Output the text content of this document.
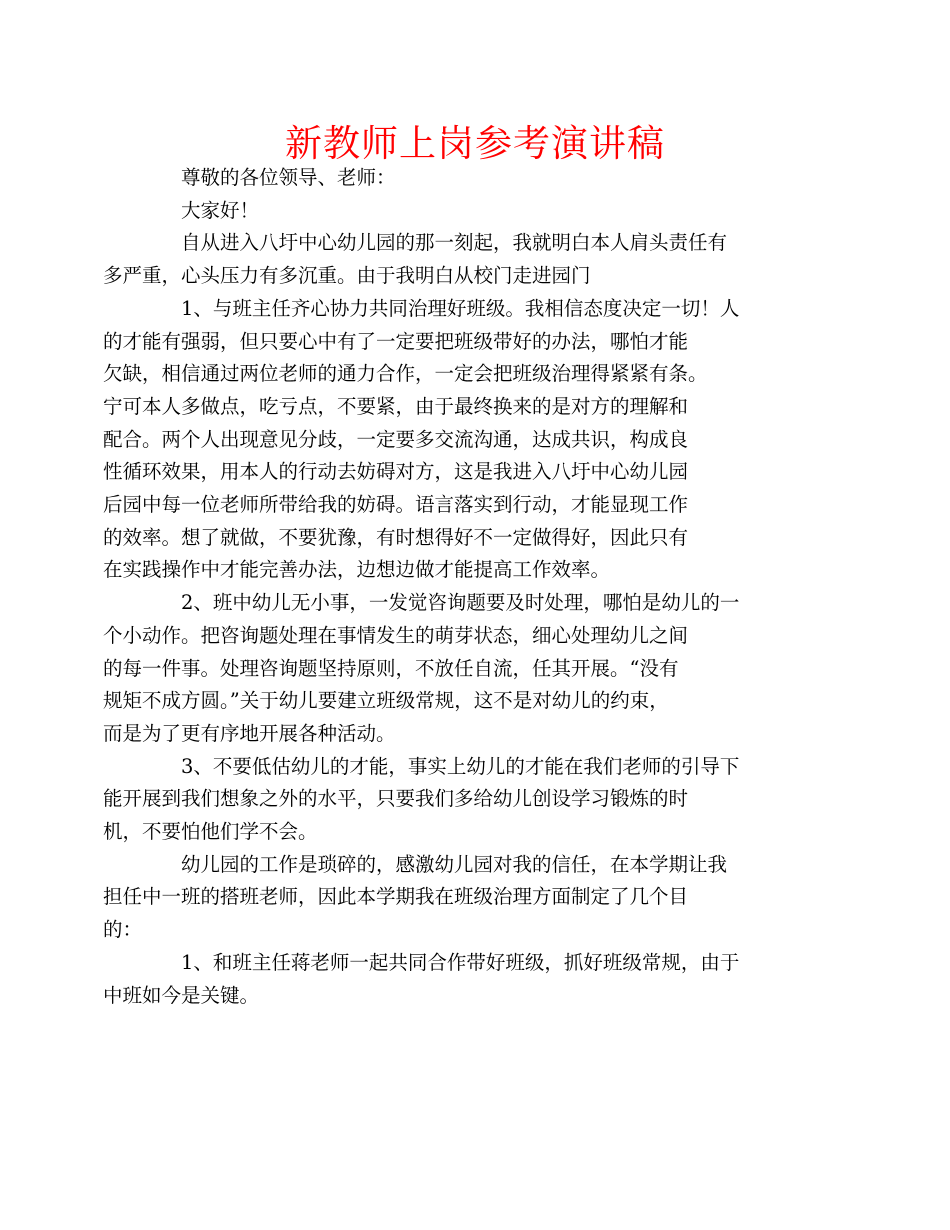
新教师上岗参考演讲稿
尊敬的各位领导、老师：
大家好！
自从进入八圩中心幼儿园的那一刻起，我就明白本人肩头责任有
多严重，心头压力有多沉重。由于我明白从校门走进园门
1、与班主任齐心协力共同治理好班级。我相信态度决定一切！人
的才能有强弱，但只要心中有了一定要把班级带好的办法，哪怕才能
欠缺，相信通过两位老师的通力合作，一定会把班级治理得紧紧有条。
宁可本人多做点，吃亏点，不要紧，由于最终换来的是对方的理解和
配合。两个人出现意见分歧，一定要多交流沟通，达成共识，构成良
性循环效果，用本人的行动去妨碍对方，这是我进入八圩中心幼儿园
后园中每一位老师所带给我的妨碍。语言落实到行动，才能显现工作
的效率。想了就做，不要犹豫，有时想得好不一定做得好，因此只有
在实践操作中才能完善办法，边想边做才能提高工作效率。
2、班中幼儿无小事，一发觉咨询题要及时处理，哪怕是幼儿的一
个小动作。把咨询题处理在事情发生的萌芽状态，细心处理幼儿之间
的每一件事。处理咨询题坚持原则，不放任自流，任其开展。“没有
规矩不成方圆。”关于幼儿要建立班级常规，这不是对幼儿的约束，
而是为了更有序地开展各种活动。
3、不要低估幼儿的才能，事实上幼儿的才能在我们老师的引导下
能开展到我们想象之外的水平，只要我们多给幼儿创设学习锻炼的时
机，不要怕他们学不会。
幼儿园的工作是琐碎的，感激幼儿园对我的信任，在本学期让我
担任中一班的搭班老师，因此本学期我在班级治理方面制定了几个目
的：
1、和班主任蒋老师一起共同合作带好班级，抓好班级常规，由于
中班如今是关键。
